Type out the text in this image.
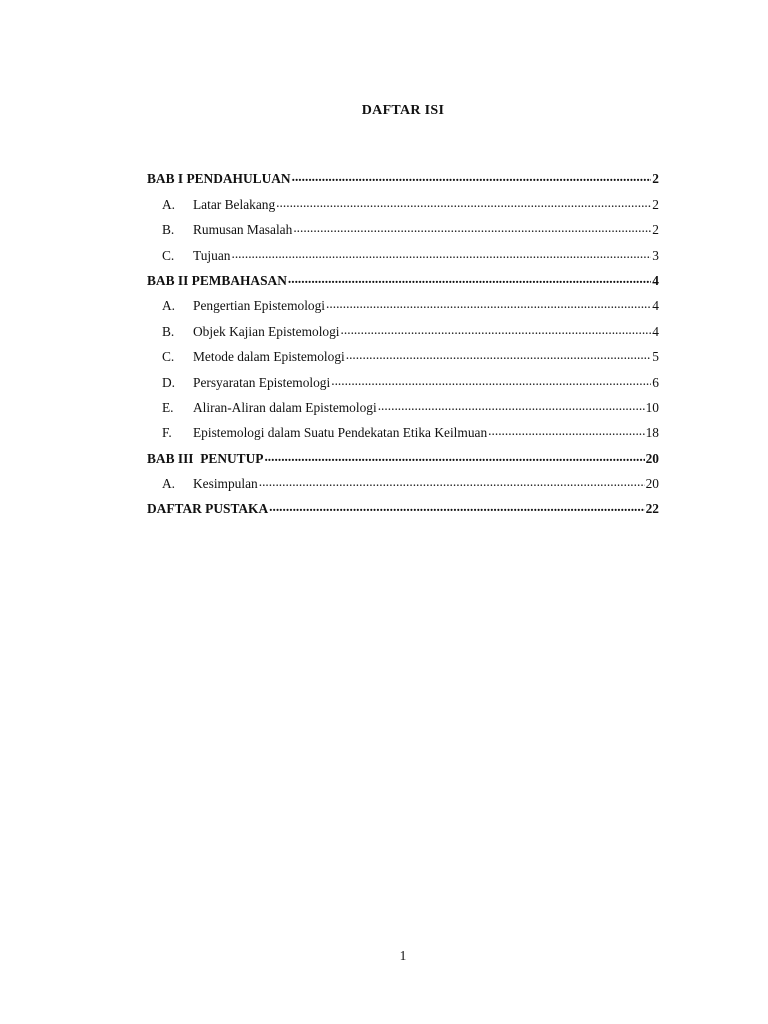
DAFTAR ISI
BAB I PENDAHULUAN .....	2
A.	Latar Belakang .....	2
B.	Rumusan Masalah .....	2
C.	Tujuan .....	3
BAB II PEMBAHASAN .....	4
A.	Pengertian Epistemologi .....	4
B.	Objek Kajian Epistemologi .....	4
C.	Metode dalam Epistemologi .....	5
D.	Persyaratan Epistemologi .....	6
E.	Aliran-Aliran dalam Epistemologi .....	10
F.	Epistemologi dalam Suatu Pendekatan Etika Keilmuan .....	18
BAB III  PENUTUP .....	20
A.	Kesimpulan .....	20
DAFTAR PUSTAKA .....	22
1
